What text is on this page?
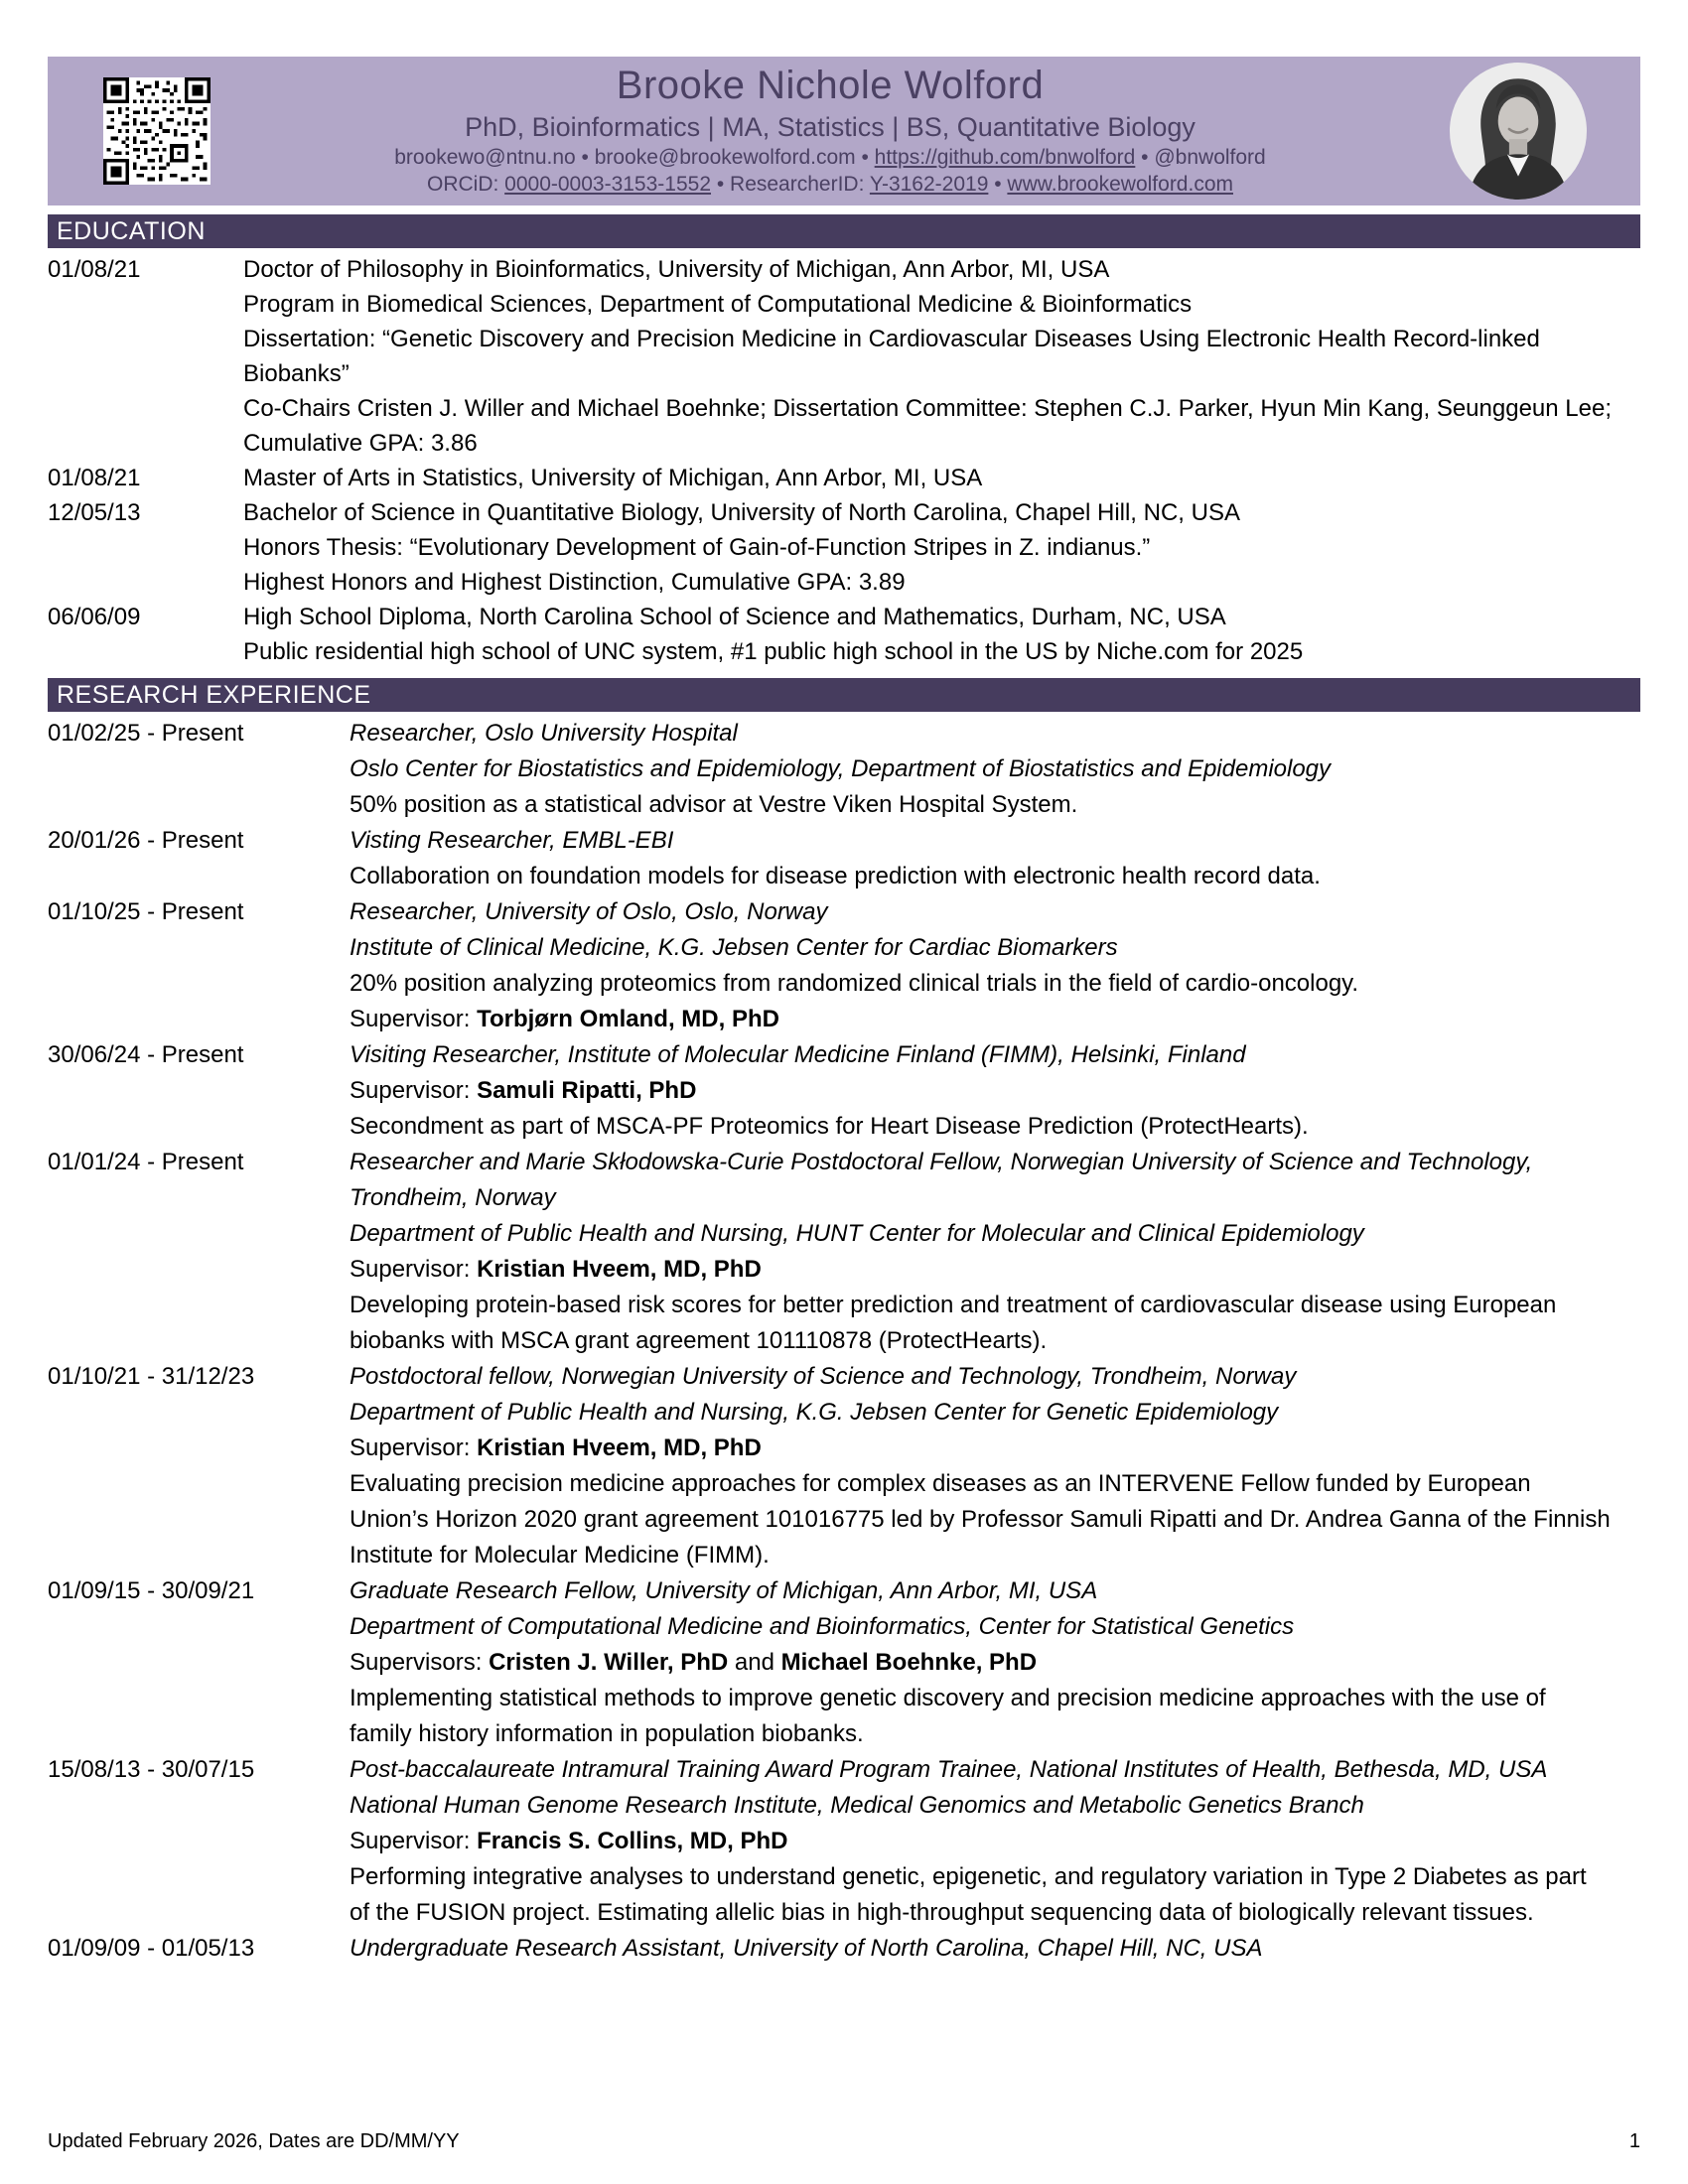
Brooke Nichole Wolford
PhD, Bioinformatics | MA, Statistics | BS, Quantitative Biology
brookewo@ntnu.no • brooke@brookewolford.com • https://github.com/bnwolford • @bnwolford
ORCiD: 0000-0003-3153-1552 • ResearcherID: Y-3162-2019 • www.brookewolford.com
EDUCATION
01/08/21	Doctor of Philosophy in Bioinformatics, University of Michigan, Ann Arbor, MI, USA
Program in Biomedical Sciences, Department of Computational Medicine & Bioinformatics
Dissertation: “Genetic Discovery and Precision Medicine in Cardiovascular Diseases Using Electronic Health Record-linked Biobanks”
Co-Chairs Cristen J. Willer and Michael Boehnke; Dissertation Committee: Stephen C.J. Parker, Hyun Min Kang, Seunggeun Lee; Cumulative GPA: 3.86
01/08/21	Master of Arts in Statistics, University of Michigan, Ann Arbor, MI, USA
12/05/13	Bachelor of Science in Quantitative Biology, University of North Carolina, Chapel Hill, NC, USA
Honors Thesis: “Evolutionary Development of Gain-of-Function Stripes in Z. indianus.”
Highest Honors and Highest Distinction, Cumulative GPA: 3.89
06/06/09	High School Diploma, North Carolina School of Science and Mathematics, Durham, NC, USA
Public residential high school of UNC system, #1 public high school in the US by Niche.com for 2025
RESEARCH EXPERIENCE
01/02/25 - Present	Researcher, Oslo University Hospital
Oslo Center for Biostatistics and Epidemiology, Department of Biostatistics and Epidemiology
50% position as a statistical advisor at Vestre Viken Hospital System.
20/01/26 - Present	Visting Researcher, EMBL-EBI
Collaboration on foundation models for disease prediction with electronic health record data.
01/10/25 - Present	Researcher, University of Oslo, Oslo, Norway
Institute of Clinical Medicine, K.G. Jebsen Center for Cardiac Biomarkers
20% position analyzing proteomics from randomized clinical trials in the field of cardio-oncology.
Supervisor: Torbjørn Omland, MD, PhD
30/06/24 - Present	Visiting Researcher, Institute of Molecular Medicine Finland (FIMM), Helsinki, Finland
Supervisor: Samuli Ripatti, PhD
Secondment as part of MSCA-PF Proteomics for Heart Disease Prediction (ProtectHearts).
01/01/24 - Present	Researcher and Marie Skłodowska-Curie Postdoctoral Fellow, Norwegian University of Science and Technology, Trondheim, Norway
Department of Public Health and Nursing, HUNT Center for Molecular and Clinical Epidemiology
Supervisor: Kristian Hveem, MD, PhD
Developing protein-based risk scores for better prediction and treatment of cardiovascular disease using European biobanks with MSCA grant agreement 101110878 (ProtectHearts).
01/10/21 - 31/12/23	Postdoctoral fellow, Norwegian University of Science and Technology, Trondheim, Norway
Department of Public Health and Nursing, K.G. Jebsen Center for Genetic Epidemiology
Supervisor: Kristian Hveem, MD, PhD
Evaluating precision medicine approaches for complex diseases as an INTERVENE Fellow funded by European Union’s Horizon 2020 grant agreement 101016775 led by Professor Samuli Ripatti and Dr. Andrea Ganna of the Finnish Institute for Molecular Medicine (FIMM).
01/09/15 - 30/09/21	Graduate Research Fellow, University of Michigan, Ann Arbor, MI, USA
Department of Computational Medicine and Bioinformatics, Center for Statistical Genetics
Supervisors: Cristen J. Willer, PhD and Michael Boehnke, PhD
Implementing statistical methods to improve genetic discovery and precision medicine approaches with the use of family history information in population biobanks.
15/08/13 - 30/07/15	Post-baccalaureate Intramural Training Award Program Trainee, National Institutes of Health, Bethesda, MD, USA
National Human Genome Research Institute, Medical Genomics and Metabolic Genetics Branch
Supervisor: Francis S. Collins, MD, PhD
Performing integrative analyses to understand genetic, epigenetic, and regulatory variation in Type 2 Diabetes as part of the FUSION project. Estimating allelic bias in high-throughput sequencing data of biologically relevant tissues.
01/09/09 - 01/05/13	Undergraduate Research Assistant, University of North Carolina, Chapel Hill, NC, USA
Updated February 2026, Dates are DD/MM/YY	1
